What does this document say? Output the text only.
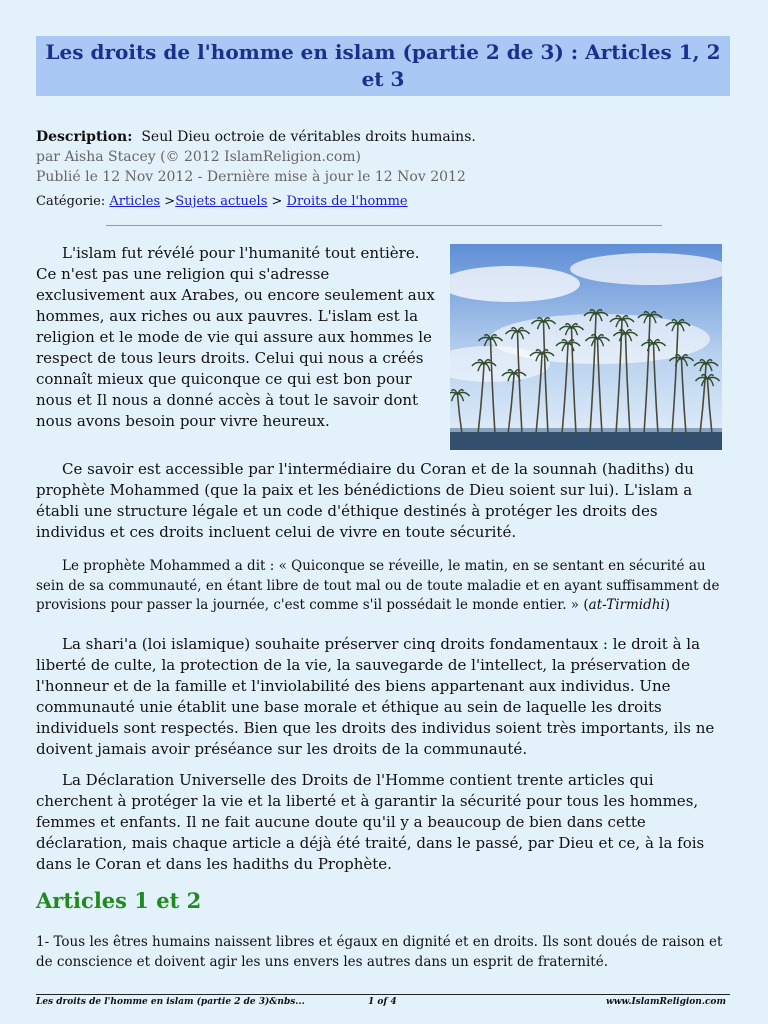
Les droits de l'homme en islam (partie 2 de 3) : Articles 1, 2 et 3
Description: Seul Dieu octroie de véritables droits humains.
par Aisha Stacey (© 2012 IslamReligion.com)
Publié le 12 Nov 2012 - Dernière mise à jour le 12 Nov 2012
Catégorie: Articles >Sujets actuels > Droits de l'homme
L'islam fut révélé pour l'humanité tout entière. Ce n'est pas une religion qui s'adresse exclusivement aux Arabes, ou encore seulement aux hommes, aux riches ou aux pauvres. L'islam est la religion et le mode de vie qui assure aux hommes le respect de tous leurs droits. Celui qui nous a créés connaît mieux que quiconque ce qui est bon pour nous et Il nous a donné accès à tout le savoir dont nous avons besoin pour vivre heureux.
Ce savoir est accessible par l'intermédiaire du Coran et de la sounnah (hadiths) du prophète Mohammed (que la paix et les bénédictions de Dieu soient sur lui). L'islam a établi une structure légale et un code d'éthique destinés à protéger les droits des individus et ces droits incluent celui de vivre en toute sécurité.
Le prophète Mohammed a dit : « Quiconque se réveille, le matin, en se sentant en sécurité au sein de sa communauté, en étant libre de tout mal ou de toute maladie et en ayant suffisamment de provisions pour passer la journée, c'est comme s'il possédait le monde entier. » (at-Tirmidhi)
La shari'a (loi islamique) souhaite préserver cinq droits fondamentaux : le droit à la liberté de culte, la protection de la vie, la sauvegarde de l'intellect, la préservation de l'honneur et de la famille et l'inviolabilité des biens appartenant aux individus. Une communauté unie établit une base morale et éthique au sein de laquelle les droits individuels sont respectés. Bien que les droits des individus soient très importants, ils ne doivent jamais avoir préséance sur les droits de la communauté.
La Déclaration Universelle des Droits de l'Homme contient trente articles qui cherchent à protéger la vie et la liberté et à garantir la sécurité pour tous les hommes, femmes et enfants. Il ne fait aucune doute qu'il y a beaucoup de bien dans cette déclaration, mais chaque article a déjà été traité, dans le passé, par Dieu et ce, à la fois dans le Coran et dans les hadiths du Prophète.
Articles 1 et 2
1- Tous les êtres humains naissent libres et égaux en dignité et en droits. Ils sont doués de raison et de conscience et doivent agir les uns envers les autres dans un esprit de fraternité.
Les droits de l'homme en islam (partie 2 de 3)&nbs...	1 of 4	www.IslamReligion.com
